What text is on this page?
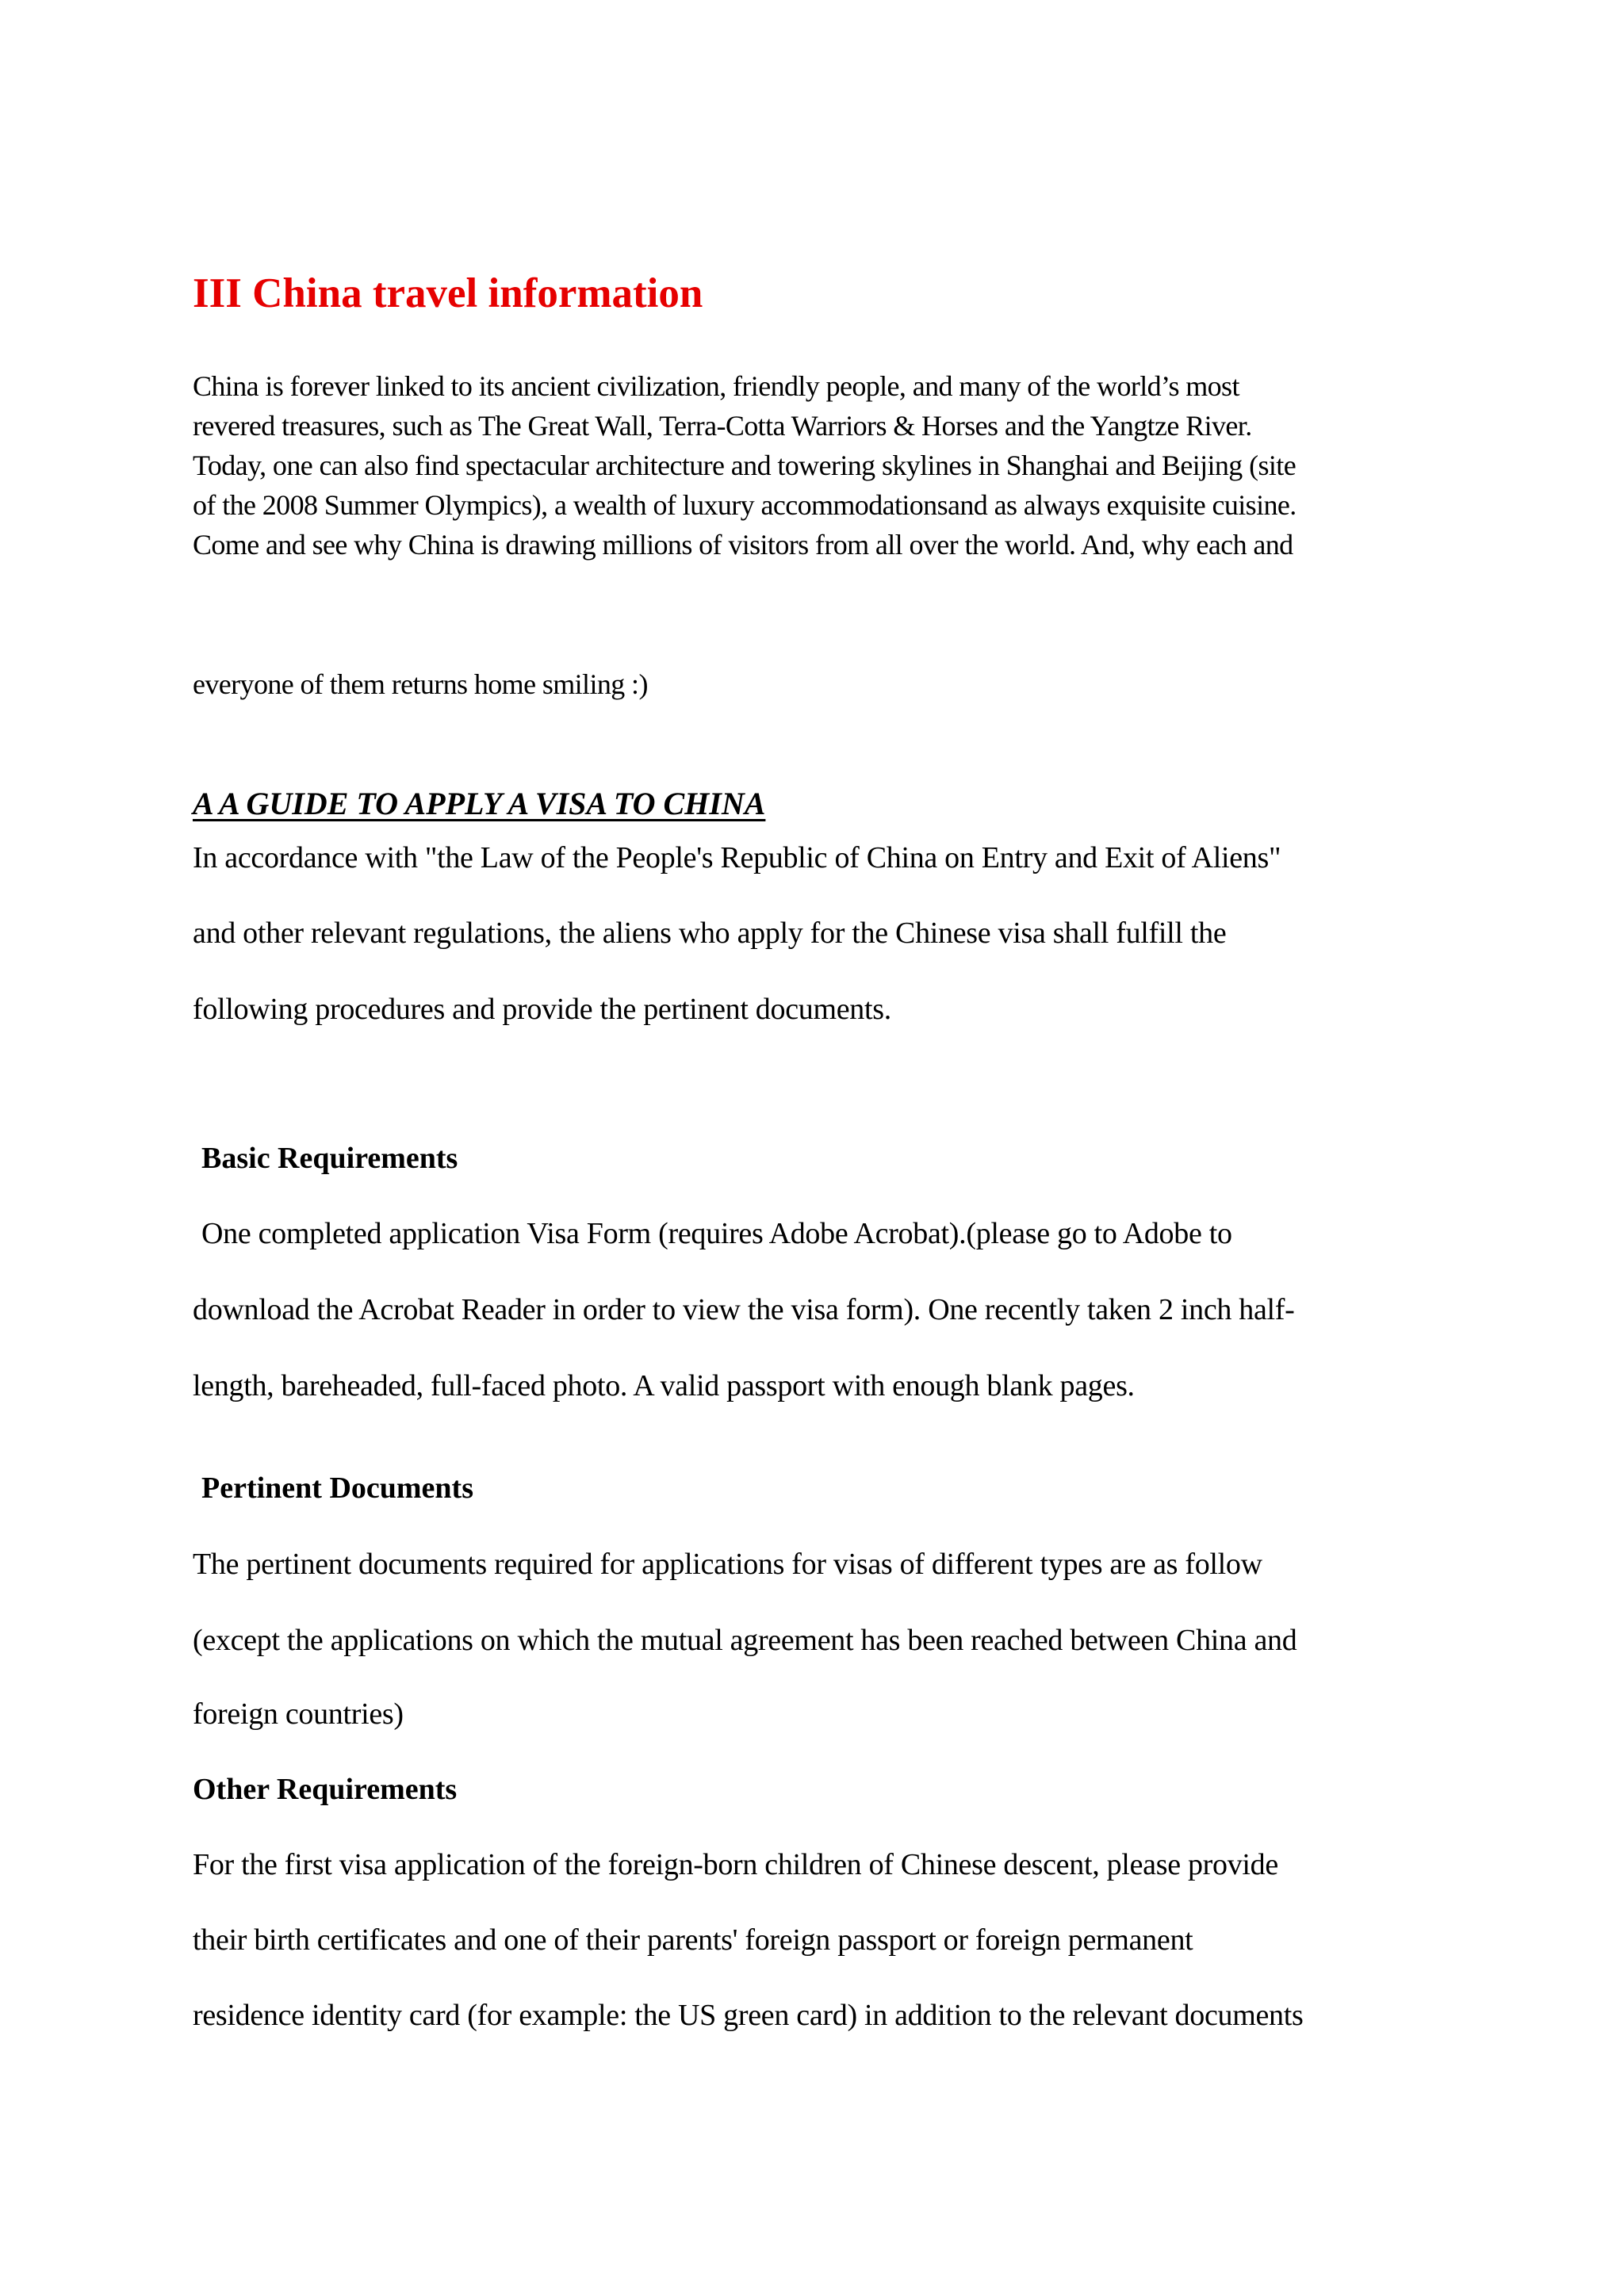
III China travel information

China is forever linked to its ancient civilization, friendly people, and many of the world’s most

revered treasures, such as The Great Wall, Terra-Cotta Warriors & Horses and the Yangtze River.

Today, one can also find spectacular architecture and towering skylines in Shanghai and Beijing (site

of the 2008 Summer Olympics), a wealth of luxury accommodationsand as always exquisite cuisine.

Come and see why China is drawing millions of visitors from all over the world. And, why each and

everyone of them returns home smiling :)

A A GUIDE TO APPLY A VISA TO CHINA

In accordance with "the Law of the People's Republic of China on Entry and Exit of Aliens"

and other relevant regulations, the aliens who apply for the Chinese visa shall fulfill the

following procedures and provide the pertinent documents.

Basic Requirements

One completed application Visa Form (requires Adobe Acrobat).(please go to Adobe to

download the Acrobat Reader in order to view the visa form). One recently taken 2 inch half-

length, bareheaded, full-faced photo. A valid passport with enough blank pages.

Pertinent Documents

The pertinent documents required for applications for visas of different types are as follow

(except the applications on which the mutual agreement has been reached between China and

foreign countries)

Other Requirements

For the first visa application of the foreign-born children of Chinese descent, please provide

their birth certificates and one of their parents' foreign passport or foreign permanent

residence identity card (for example: the US green card) in addition to the relevant documents
